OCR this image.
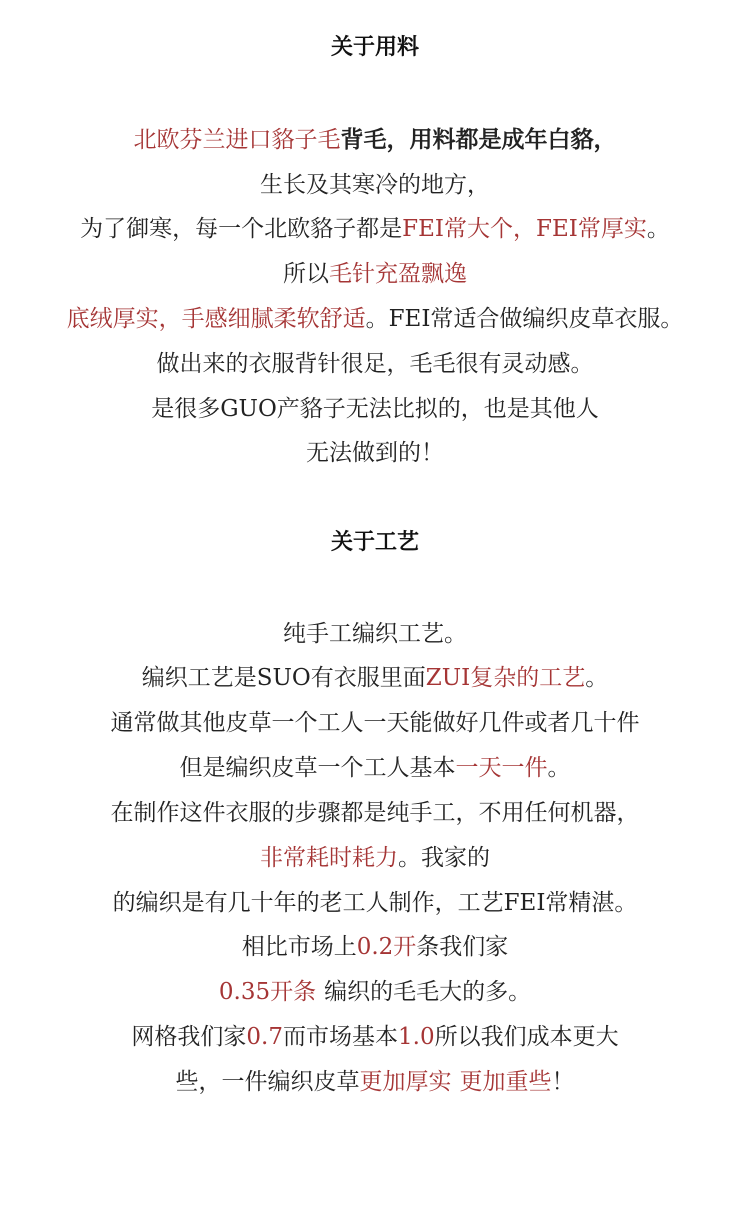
关于用料
北欧芬兰进口貉子毛背毛，用料都是成年白貉，
生长及其寒冷的地方，
为了御寒，每一个北欧貉子都是FEI常大个，FEI常厚实。
所以毛针充盈飘逸
底绒厚实，手感细腻柔软舒适。FEI常适合做编织皮草衣服。
做出来的衣服背针很足，毛毛很有灵动感。
是很多GUO产貉子无法比拟的，也是其他人
无法做到的！
关于工艺
纯手工编织工艺。
编织工艺是SUO有衣服里面ZUI复杂的工艺。
通常做其他皮草一个工人一天能做好几件或者几十件
但是编织皮草一个工人基本一天一件。
在制作这件衣服的步骤都是纯手工，不用任何机器，
非常耗时耗力。我家的
的编织是有几十年的老工人制作，工艺FEI常精湛。
相比市场上0.2开条我们家
0.35开条 编织的毛毛大的多。
网格我们家0.7而市场基本1.0所以我们成本更大
些，一件编织皮草更加厚实 更加重些！
